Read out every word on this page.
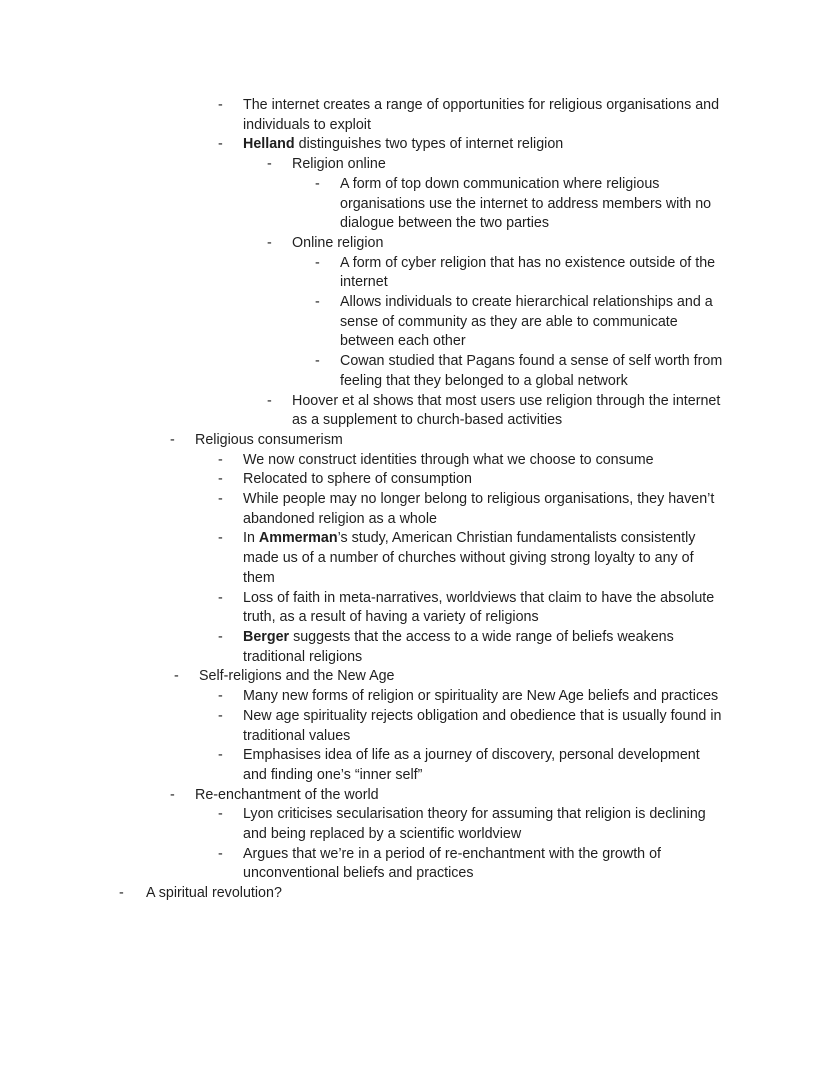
- The internet creates a range of opportunities for religious organisations and individuals to exploit
- Helland distinguishes two types of internet religion
- Religion online
- A form of top down communication where religious organisations use the internet to address members with no dialogue between the two parties
- Online religion
- A form of cyber religion that has no existence outside of the internet
- Allows individuals to create hierarchical relationships and a sense of community as they are able to communicate between each other
- Cowan studied that Pagans found a sense of self worth from feeling that they belonged to a global network
- Hoover et al shows that most users use religion through the internet as a supplement to church-based activities
- Religious consumerism
- We now construct identities through what we choose to consume
- Relocated to sphere of consumption
- While people may no longer belong to religious organisations, they haven’t abandoned religion as a whole
- In Ammerman’s study, American Christian fundamentalists consistently made us of a number of churches without giving strong loyalty to any of them
- Loss of faith in meta-narratives, worldviews that claim to have the absolute truth, as a result of having a variety of religions
- Berger suggests that the access to a wide range of beliefs weakens traditional religions
- Self-religions and the New Age
- Many new forms of religion or spirituality are New Age beliefs and practices
- New age spirituality rejects obligation and obedience that is usually found in traditional values
- Emphasises idea of life as a journey of discovery, personal development and finding one’s “inner self”
- Re-enchantment of the world
- Lyon criticises secularisation theory for assuming that religion is declining and being replaced by a scientific worldview
- Argues that we’re in a period of re-enchantment with the growth of unconventional beliefs and practices
- A spiritual revolution?
